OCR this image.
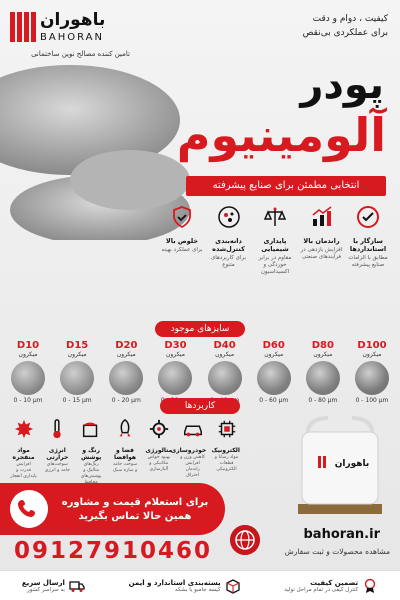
باهوران
BAHORAN
تامین کننده مصالح نوین ساختمانی
کیفیت ، دوام و دقت
برای عملکردی بی‌نقص
پودر
آلومینیوم
انتخابی مطمئن برای صنایع پیشرفته
سازگار با استانداردها
مطابق با الزامات صنایع پیشرفته
راندمان بالا
افزایش بازدهی در فرآیندهای صنعتی
پایداری شیمیایی
مقاوم در برابر خوردگی و اکسیداسیون
دانه‌بندی کنترل‌شده
برای کاربردهای متنوع
خلوص بالا
برای عملکرد بهینه
سایزهای موجود
D100
میکرون
0 - 100 µm
D80
میکرون
0 - 80 µm
D60
میکرون
0 - 60 µm
D40
میکرون
D30
میکرون
D20
میکرون
0 - 20 µm
D15
میکرون
0 - 15 µm
D10
میکرون
0 - 10 µm
کاربردها
الکترونیک
مواد رسانا و قطعات الکترونیکی
خودروسازی
کاهش وزن و افزایش راندمان احتراق
متالورژی
بهبود خواص مکانیکی و آلیاژسازی
فضا و هوافضا
سوخت جامد و سازه سبک
رنگ و پوشش
رنگ‌های متالیک و پوشش‌های
انرژی حرارتی
سوخت‌های جامد و انرژی
مواد منفجره
افزایش قدرت و پایداری انفجار
باهوران
برای استعلام قیمت و مشاوره
همین حالا تماس بگیرید
09127910460
bahoran.ir
مشاهده محصولات و ثبت سفارش
تضمین کیفیت
کنترل کیفی در تمام مراحل تولید
بسته‌بندی استاندارد و ایمن
کیسه جامبو یا بشکه
ارسال سریع
به سراسر کشور
